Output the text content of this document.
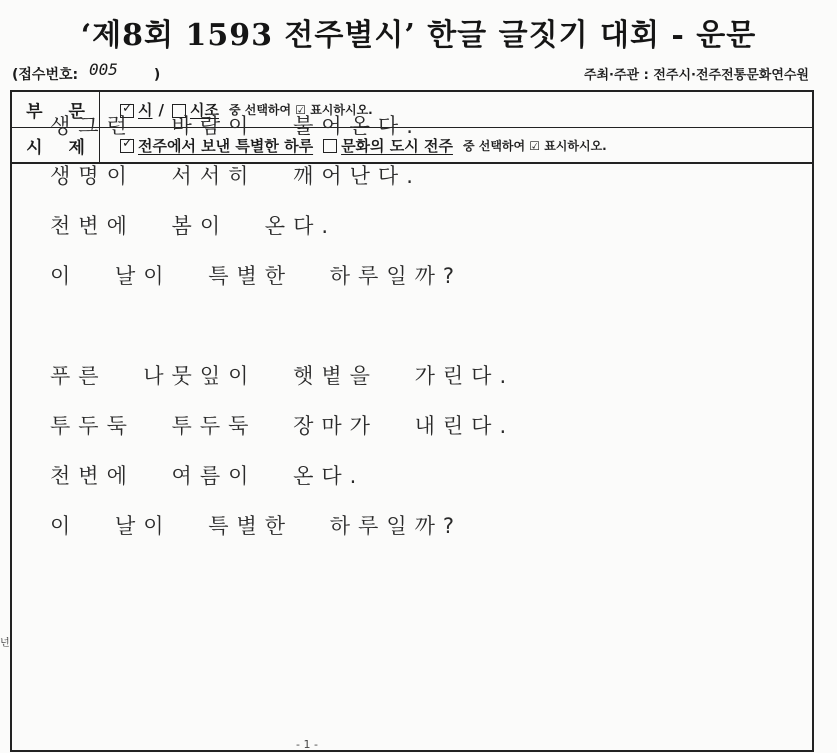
‘제8회 1593 전주별시’ 한글 글짓기 대회 - 운문
(접수번호: 005	)	주최·주관 : 전주시·전주전통문화연수원
부 문 ✓	시 / 시조 중 선택하여 ☑ 표시하시오.
시 제 ✓	전주에서 보낸 특별한 하루 문화의 도시 전주 중 선택하여 ☑ 표시하시오.
생그런 바람이 불어온다.
생명이 서서히 깨어난다.
천변에 봄이 온다.
이 날이 특별한 하루일까?
푸른 나뭇잎이 햇볕을 가린다.
투두둑 투두둑 장마가 내린다.
천변에 여름이 온다.
이 날이 특별한 하루일까?
넌
- 1 -
